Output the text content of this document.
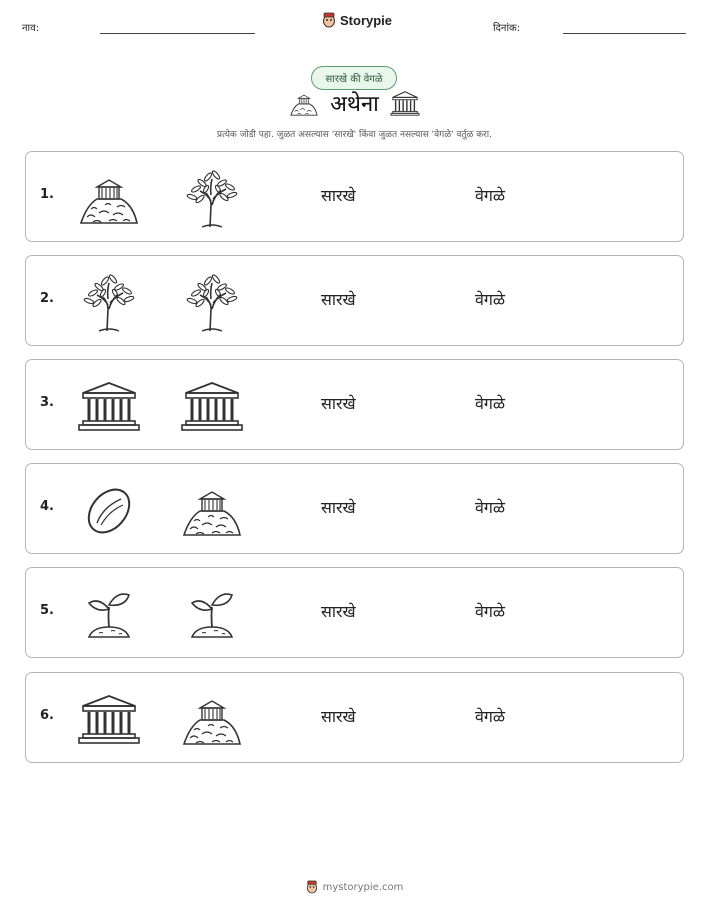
नाव:
Storypie
दिनांक:
सारखे की वेगळे
अथेना
प्रत्येक जोडी पहा. जुळत असल्यास 'सारखे' किंवा जुळत नसल्यास 'वेगळे' वर्तुळ करा.
1.	सारखे	वेगळे
2.	सारखे	वेगळे
3.	सारखे	वेगळे
4.	सारखे	वेगळे
5.	सारखे	वेगळे
6.	सारखे	वेगळे
mystorypie.com
